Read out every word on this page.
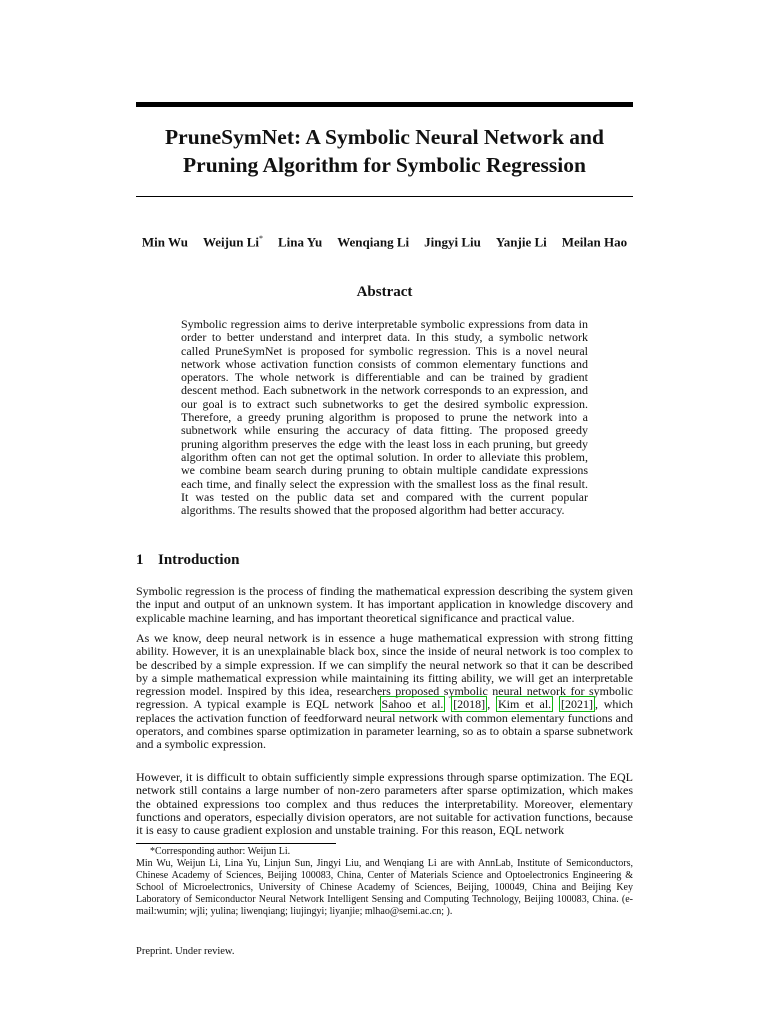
PruneSymNet: A Symbolic Neural Network and Pruning Algorithm for Symbolic Regression
Min Wu Weijun Li* Lina Yu Wenqiang Li Jingyi Liu Yanjie Li Meilan Hao
Abstract
Symbolic regression aims to derive interpretable symbolic expressions from data in order to better understand and interpret data. In this study, a symbolic network called PruneSymNet is proposed for symbolic regression. This is a novel neural network whose activation function consists of common elementary functions and operators. The whole network is differentiable and can be trained by gradient descent method. Each subnetwork in the network corresponds to an expression, and our goal is to extract such subnetworks to get the desired symbolic expression. Therefore, a greedy pruning algorithm is proposed to prune the network into a subnetwork while ensuring the accuracy of data fitting. The proposed greedy pruning algorithm preserves the edge with the least loss in each pruning, but greedy algorithm often can not get the optimal solution. In order to alleviate this problem, we combine beam search during pruning to obtain multiple candidate expressions each time, and finally select the expression with the smallest loss as the final result. It was tested on the public data set and compared with the current popular algorithms. The results showed that the proposed algorithm had better accuracy.
1 Introduction
Symbolic regression is the process of finding the mathematical expression describing the system given the input and output of an unknown system. It has important application in knowledge discovery and explicable machine learning, and has important theoretical significance and practical value.
As we know, deep neural network is in essence a huge mathematical expression with strong fitting ability. However, it is an unexplainable black box, since the inside of neural network is too complex to be described by a simple expression. If we can simplify the neural network so that it can be described by a simple mathematical expression while maintaining its fitting ability, we will get an interpretable regression model. Inspired by this idea, researchers proposed symbolic neural network for symbolic regression. A typical example is EQL network Sahoo et al. [2018] , Kim et al. [2021] , which replaces the activation function of feedforward neural network with common elementary functions and operators, and combines sparse optimization in parameter learning, so as to obtain a sparse subnetwork and a symbolic expression.
However, it is difficult to obtain sufficiently simple expressions through sparse optimization. The EQL network still contains a large number of non-zero parameters after sparse optimization, which makes the obtained expressions too complex and thus reduces the interpretability. Moreover, elementary functions and operators, especially division operators, are not suitable for activation functions, because it is easy to cause gradient explosion and unstable training. For this reason, EQL network
*Corresponding author: Weijun Li.
Min Wu, Weijun Li, Lina Yu, Linjun Sun, Jingyi Liu, and Wenqiang Li are with AnnLab, Institute of Semiconductors, Chinese Academy of Sciences, Beijing 100083, China, Center of Materials Science and Optoelectronics Engineering & School of Microelectronics, University of Chinese Academy of Sciences, Beijing, 100049, China and Beijing Key Laboratory of Semiconductor Neural Network Intelligent Sensing and Computing Technology, Beijing 100083, China. (e-mail:wumin; wjli; yulina; liwenqiang; liujingyi; liyanjie; mlhao@semi.ac.cn; ).
Preprint. Under review.
